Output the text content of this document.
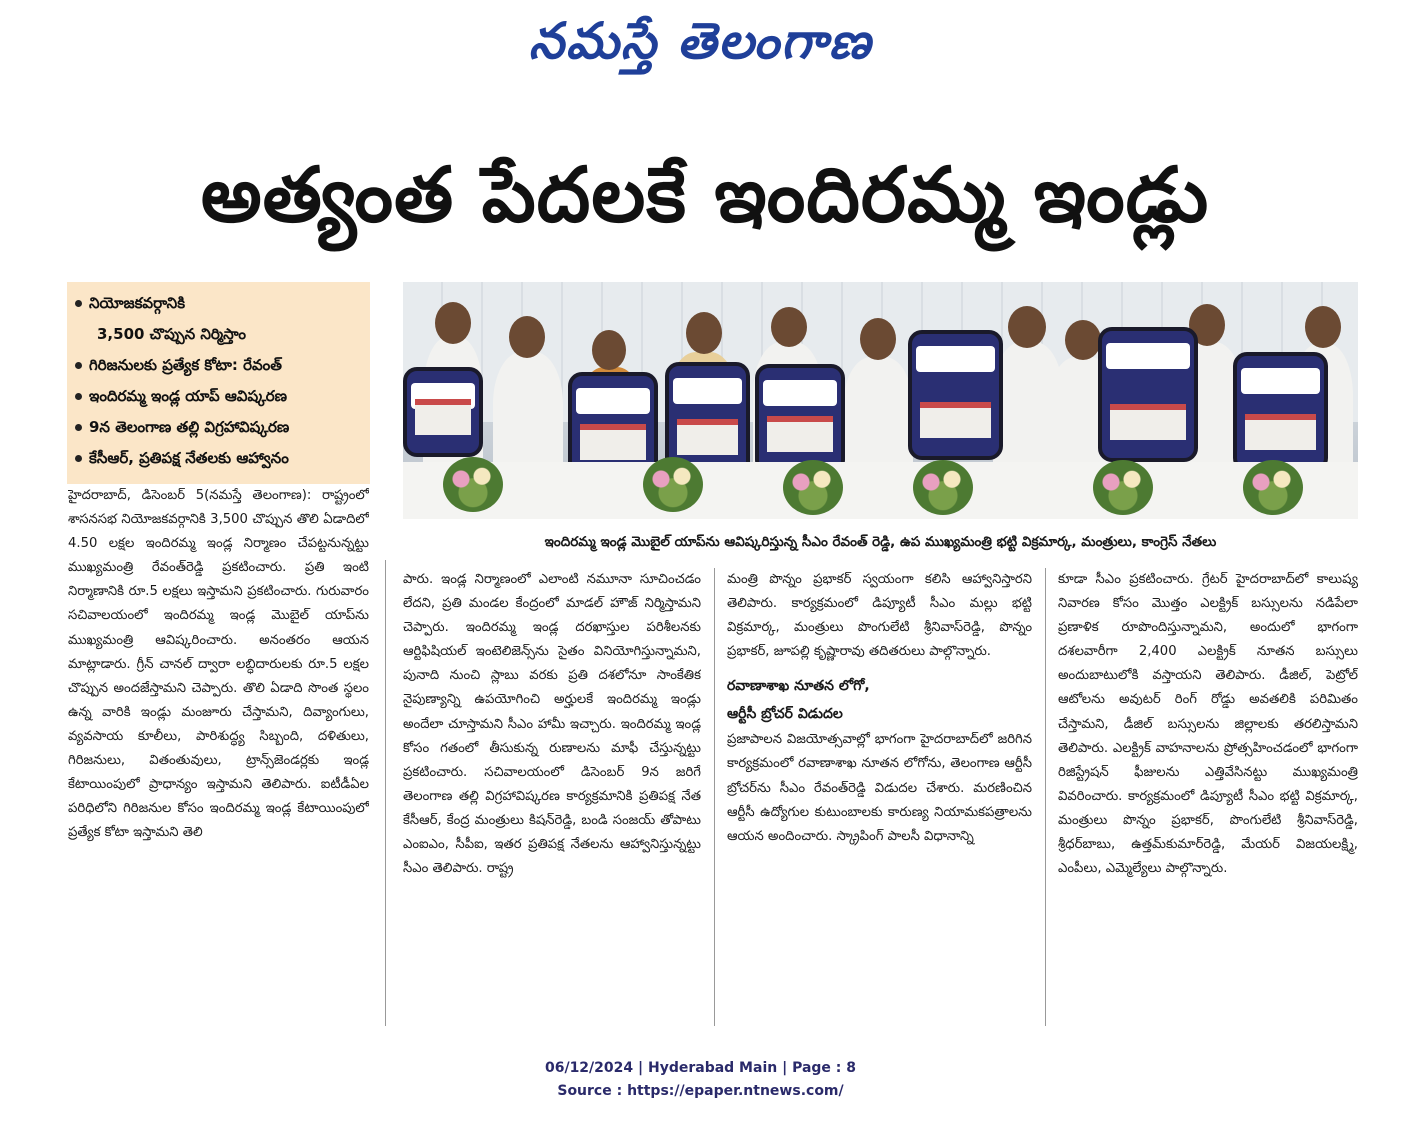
నమస్తే తెలంగాణ
అత్యంత పేదలకే ఇందిరమ్మ ఇండ్లు
నియోజకవర్గానికి
3,500 చొప్పున నిర్మిస్తాం
గిరిజనులకు ప్రత్యేక కోటా: రేవంత్
ఇందిరమ్మ ఇండ్ల యాప్ ఆవిష్కరణ
9న తెలంగాణ తల్లి విగ్రహావిష్కరణ
కేసీఆర్, ప్రతిపక్ష నేతలకు ఆహ్వానం
ఇందిరమ్మ ఇండ్ల మొబైల్ యాప్‌ను ఆవిష్కరిస్తున్న సీఎం రేవంత్ రెడ్డి, ఉప ముఖ్యమంత్రి భట్టి విక్రమార్క, మంత్రులు, కాంగ్రెస్ నేతలు

హైదరాబాద్, డిసెంబర్ 5(నమస్తే తెలంగాణ): రాష్ట్రంలో శాసనసభ నియోజకవర్గానికి 3,500 చొప్పున తొలి ఏడాదిలో 4.50 లక్షల ఇందిరమ్మ ఇండ్ల నిర్మాణం చేపట్టనున్నట్టు ముఖ్యమంత్రి రేవంత్‌రెడ్డి ప్రకటించారు. ప్రతి ఇంటి నిర్మాణానికి రూ.5 లక్షలు ఇస్తామని ప్రకటించారు. గురువారం సచివాలయంలో ఇందిరమ్మ ఇండ్ల మొబైల్ యాప్‌ను ముఖ్యమంత్రి ఆవిష్కరించారు. అనంతరం ఆయన మాట్లాడారు. గ్రీన్ చానల్ ద్వారా లబ్ధిదారులకు రూ.5 లక్షల చొప్పున అందజేస్తామని చెప్పారు. తొలి ఏడాది సొంత స్థలం ఉన్న వారికి ఇండ్లు మంజూరు చేస్తామని, దివ్యాంగులు, వ్యవసాయ కూలీలు, పారిశుద్ధ్య సిబ్బంది, దళితులు, గిరిజనులు, వితంతువులు, ట్రాన్స్‌జెండర్లకు ఇండ్ల కేటాయింపులో ప్రాధాన్యం ఇస్తామని తెలిపారు. ఐటీడీఏల పరిధిలోని గిరిజనుల కోసం ఇందిరమ్మ ఇండ్ల కేటాయింపులో ప్రత్యేక కోటా ఇస్తామని తెలి

పారు. ఇండ్ల నిర్మాణంలో ఎలాంటి నమూనా సూచించడం లేదని, ప్రతి మండల కేంద్రంలో మాడల్ హౌజ్ నిర్మిస్తామని చెప్పారు. ఇందిరమ్మ ఇండ్ల దరఖాస్తుల పరిశీలనకు ఆర్టిఫిషియల్ ఇంటెలిజెన్స్‌ను సైతం వినియోగిస్తున్నామని, పునాది నుంచి స్లాబు వరకు ప్రతి దశలోనూ సాంకేతిక నైపుణ్యాన్ని ఉపయోగించి అర్హులకే ఇందిరమ్మ ఇండ్లు అందేలా చూస్తామని సీఎం హామీ ఇచ్చారు. ఇందిరమ్మ ఇండ్ల కోసం గతంలో తీసుకున్న రుణాలను మాఫీ చేస్తున్నట్టు ప్రకటించారు. సచివాలయంలో డిసెంబర్ 9న జరిగే తెలంగాణ తల్లి విగ్రహావిష్కరణ కార్యక్రమానికి ప్రతిపక్ష నేత కేసీఆర్, కేంద్ర మంత్రులు కిషన్‌రెడ్డి, బండి సంజయ్ తోపాటు ఎంఐఎం, సీపీఐ, ఇతర ప్రతిపక్ష నేతలను ఆహ్వానిస్తున్నట్టు సీఎం తెలిపారు. రాష్ట్ర

మంత్రి పొన్నం ప్రభాకర్ స్వయంగా కలిసి ఆహ్వానిస్తారని తెలిపారు. కార్యక్రమంలో డిప్యూటీ సీఎం మల్లు భట్టి విక్రమార్క, మంత్రులు పొంగులేటి శ్రీనివాస్‌రెడ్డి, పొన్నం ప్రభాకర్, జూపల్లి కృష్ణారావు తదితరులు పాల్గొన్నారు.

రవాణాశాఖ నూతన లోగో,
ఆర్టీసీ బ్రోచర్ విడుదల

ప్రజాపాలన విజయోత్సవాల్లో భాగంగా హైదరాబాద్‌లో జరిగిన కార్యక్రమంలో రవాణాశాఖ నూతన లోగోను, తెలంగాణ ఆర్టీసీ బ్రోచర్‌ను సీఎం రేవంత్‌రెడ్డి విడుదల చేశారు. మరణించిన ఆర్టీసీ ఉద్యోగుల కుటుంబాలకు కారుణ్య నియామకపత్రాలను ఆయన అందించారు. స్క్రాపింగ్ పాలసీ విధానాన్ని

కూడా సీఎం ప్రకటించారు. గ్రేటర్ హైదరాబాద్‌లో కాలుష్య నివారణ కోసం మొత్తం ఎలక్ట్రిక్ బస్సులను నడిపేలా ప్రణాళిక రూపొందిస్తున్నామని, అందులో భాగంగా దశలవారీగా 2,400 ఎలక్ట్రిక్ నూతన బస్సులు అందుబాటులోకి వస్తాయని తెలిపారు. డీజిల్, పెట్రోల్ ఆటోలను అవుటర్ రింగ్ రోడ్డు అవతలికి పరిమితం చేస్తామని, డీజిల్ బస్సులను జిల్లాలకు తరలిస్తామని తెలిపారు. ఎలక్ట్రిక్ వాహనాలను ప్రోత్సహించడంలో భాగంగా రిజిస్ట్రేషన్ ఫీజులను ఎత్తివేసినట్టు ముఖ్యమంత్రి వివరించారు. కార్యక్రమంలో డిప్యూటీ సీఎం భట్టి విక్రమార్క, మంత్రులు పొన్నం ప్రభాకర్, పొంగులేటి శ్రీనివాస్‌రెడ్డి, శ్రీధర్‌బాబు, ఉత్తమ్‌కుమార్‌రెడ్డి, మేయర్ విజయలక్ష్మి, ఎంపీలు, ఎమ్మెల్యేలు పాల్గొన్నారు.

06/12/2024 | Hyderabad Main | Page : 8
Source : https://epaper.ntnews.com/
